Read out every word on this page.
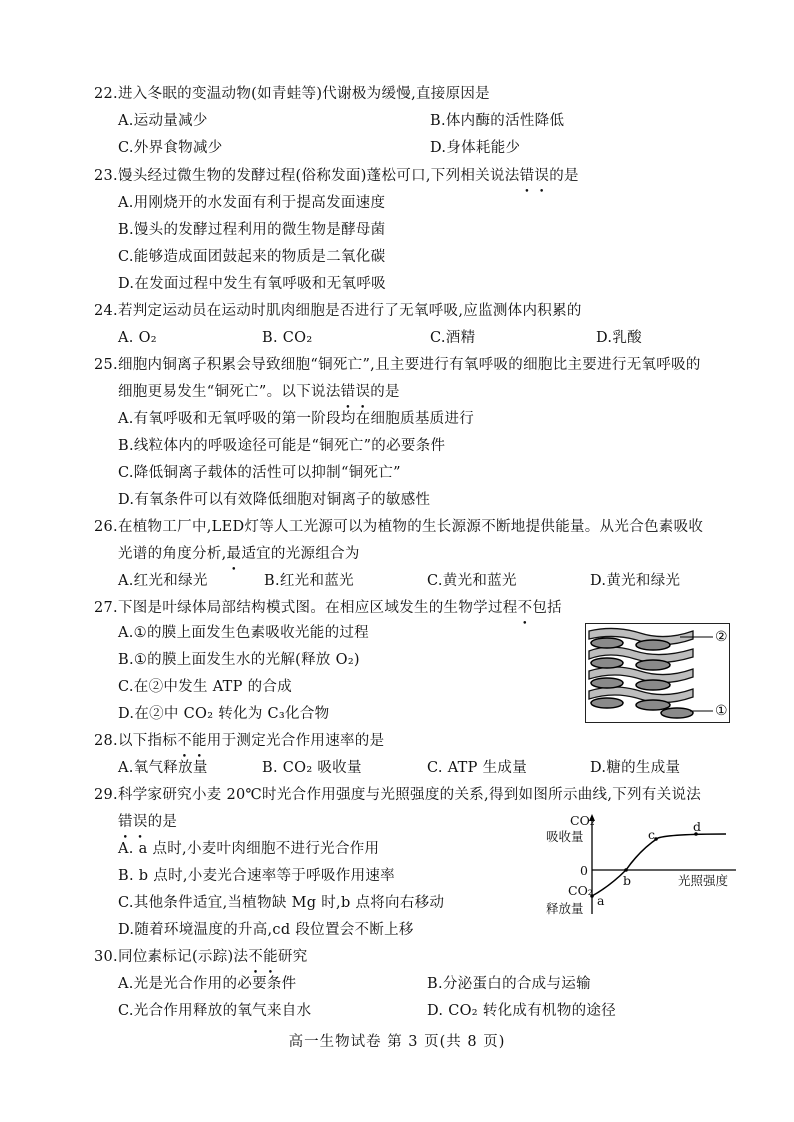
22.进入冬眠的变温动物(如青蛙等)代谢极为缓慢,直接原因是
A.运动量减少	B.体内酶的活性降低
C.外界食物减少	D.身体耗能少
23.馒头经过微生物的发酵过程(俗称发面)蓬松可口,下列相关说法错误的是
A.用刚烧开的水发面有利于提高发面速度
B.馒头的发酵过程利用的微生物是酵母菌
C.能够造成面团鼓起来的物质是二氧化碳
D.在发面过程中发生有氧呼吸和无氧呼吸
24.若判定运动员在运动时肌肉细胞是否进行了无氧呼吸,应监测体内积累的
A. O₂	B. CO₂	C.酒精	D.乳酸
25.细胞内铜离子积累会导致细胞“铜死亡”,且主要进行有氧呼吸的细胞比主要进行无氧呼吸的
细胞更易发生“铜死亡”。以下说法错误的是
A.有氧呼吸和无氧呼吸的第一阶段均在细胞质基质进行
B.线粒体内的呼吸途径可能是“铜死亡”的必要条件
C.降低铜离子载体的活性可以抑制“铜死亡”
D.有氧条件可以有效降低细胞对铜离子的敏感性
26.在植物工厂中,LED灯等人工光源可以为植物的生长源源不断地提供能量。从光合色素吸收
光谱的角度分析,最适宜的光源组合为
A.红光和绿光	B.红光和蓝光	C.黄光和蓝光	D.黄光和绿光
27.下图是叶绿体局部结构模式图。在相应区域发生的生物学过程不包括
A.①的膜上面发生色素吸收光能的过程
B.①的膜上面发生水的光解(释放 O₂)
C.在②中发生 ATP 的合成
D.在②中 CO₂ 转化为 C₃化合物
②
①
28.以下指标不能用于测定光合作用速率的是
A.氧气释放量	B. CO₂ 吸收量	C. ATP 生成量	D.糖的生成量
29.科学家研究小麦 20℃时光合作用强度与光照强度的关系,得到如图所示曲线,下列有关说法
错误的是
A. a 点时,小麦叶肉细胞不进行光合作用
B. b 点时,小麦光合速率等于呼吸作用速率
C.其他条件适宜,当植物缺 Mg 时,b 点将向右移动
D.随着环境温度的升高,cd 段位置会不断上移
CO₂
吸收量
0
CO₂
释放量
光照强度
a
b
c
d
30.同位素标记(示踪)法不能研究
A.光是光合作用的必要条件	B.分泌蛋白的合成与运输
C.光合作用释放的氧气来自水	D. CO₂ 转化成有机物的途径
高一生物试卷 第 3 页(共 8 页)
